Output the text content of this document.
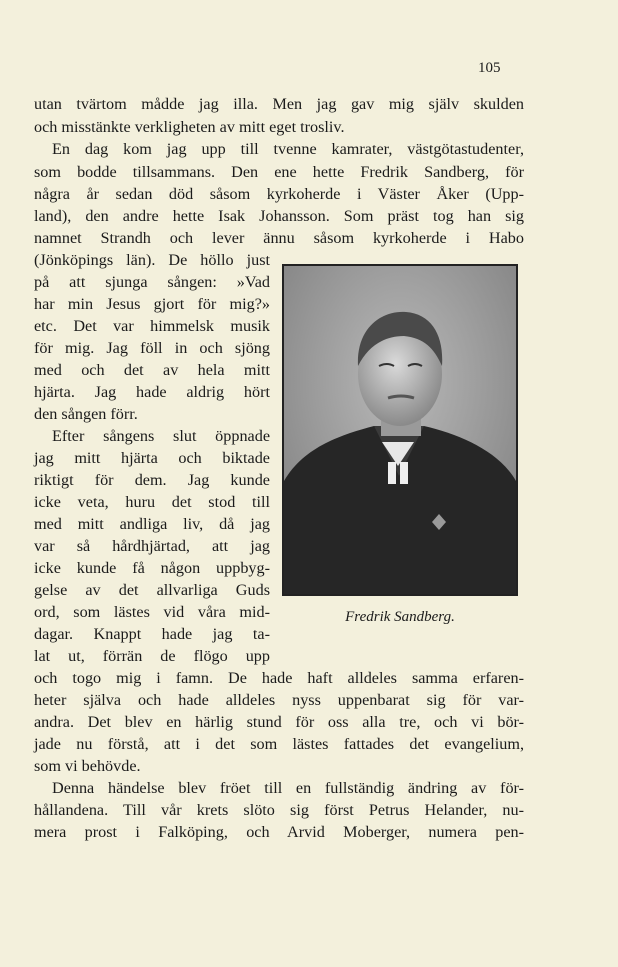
105
utan tvärtom mådde jag illa. Men jag gav mig själv skulden
och misstänkte verkligheten av mitt eget trosliv.
En dag kom jag upp till tvenne kamrater, västgötastudenter,
som bodde tillsammans. Den ene hette Fredrik Sandberg, för
några år sedan död såsom kyrkoherde i Väster Åker (Upp-
land), den andre hette Isak Johansson. Som präst tog han sig
namnet Strandh och lever ännu såsom kyrkoherde i Habo
(Jönköpings län). De höllo just
på att sjunga sången: »Vad
har min Jesus gjort för mig?»
etc. Det var himmelsk musik
för mig. Jag föll in och sjöng
med och det av hela mitt
hjärta. Jag hade aldrig hört
den sången förr.
Efter sångens slut öppnade
jag mitt hjärta och biktade
riktigt för dem. Jag kunde
icke veta, huru det stod till
med mitt andliga liv, då jag
var så hårdhjärtad, att jag
icke kunde få någon uppbyg-
gelse av det allvarliga Guds
ord, som lästes vid våra mid-
dagar. Knappt hade jag ta-
lat ut, förrän de flögo upp
och togo mig i famn. De hade haft alldeles samma erfaren-
heter själva och hade alldeles nyss uppenbarat sig för var-
andra. Det blev en härlig stund för oss alla tre, och vi bör-
jade nu förstå, att i det som lästes fattades det evangelium,
som vi behövde.
Denna händelse blev fröet till en fullständig ändring av för-
hållandena. Till vår krets slöto sig först Petrus Helander, nu-
mera prost i Falköping, och Arvid Moberger, numera pen-
Fredrik Sandberg.
